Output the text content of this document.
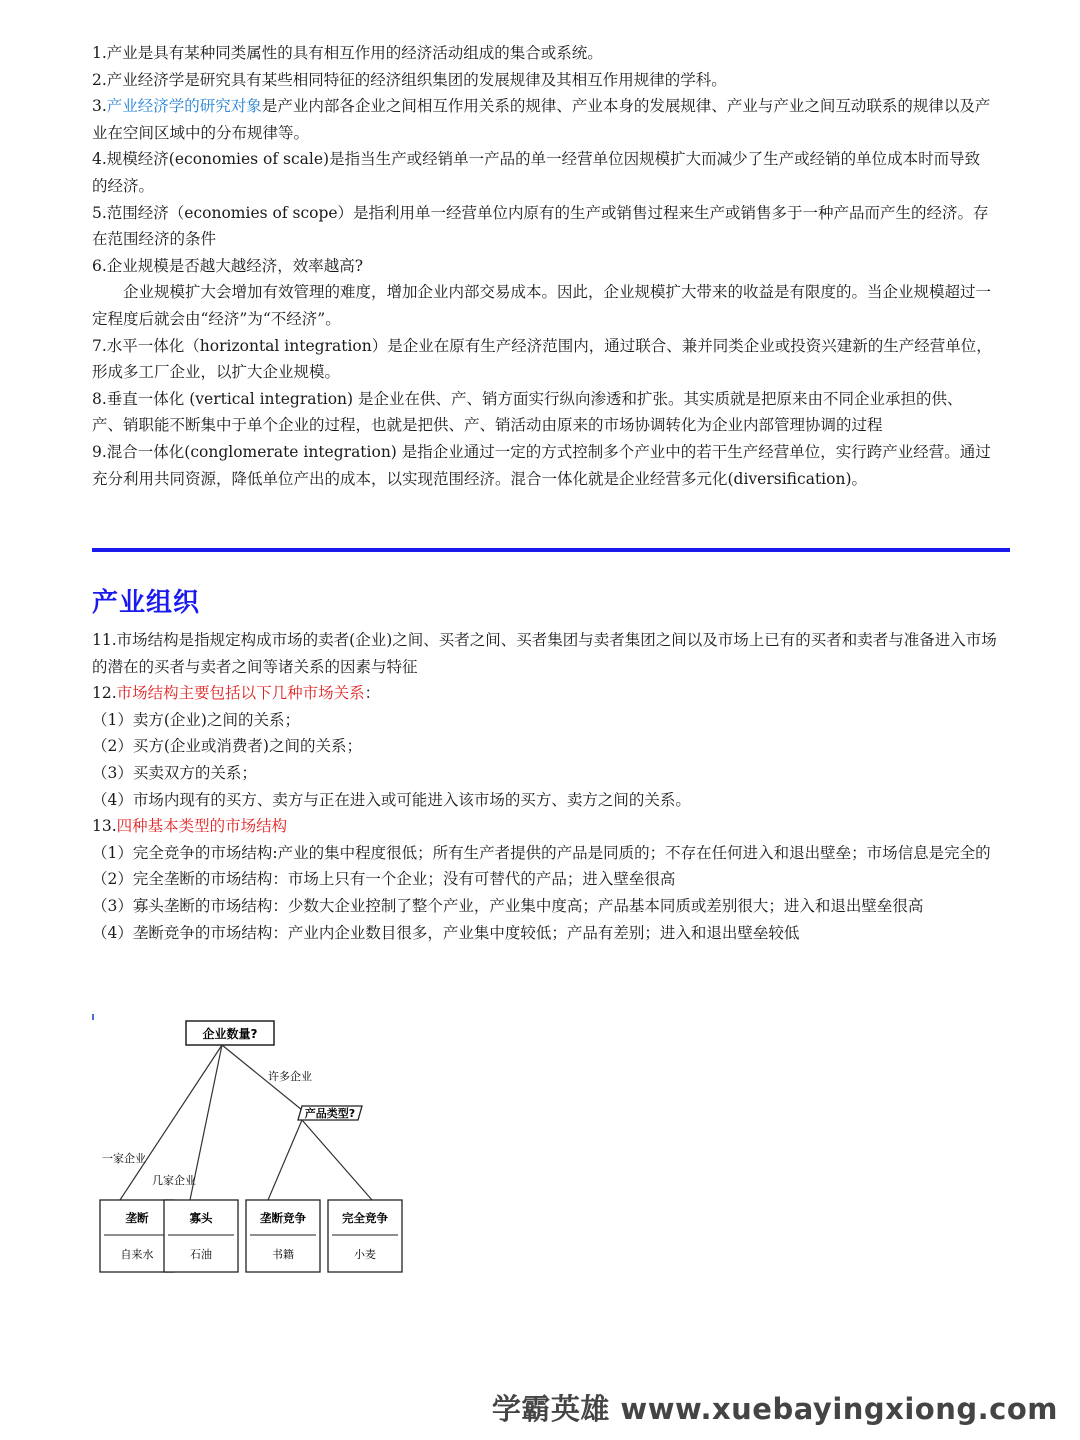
1.产业是具有某种同类属性的具有相互作用的经济活动组成的集合或系统。

2.产业经济学是研究具有某些相同特征的经济组织集团的发展规律及其相互作用规律的学科。

3.产业经济学的研究对象是产业内部各企业之间相互作用关系的规律、产业本身的发展规律、产业与产业之间互动联系的规律以及产业在空间区域中的分布规律等。

4.规模经济(economies of scale)是指当生产或经销单一产品的单一经营单位因规模扩大而减少了生产或经销的单位成本时而导致的经济。

5.范围经济（economies of scope）是指利用单一经营单位内原有的生产或销售过程来生产或销售多于一种产品而产生的经济。存在范围经济的条件

6.企业规模是否越大越经济，效率越高?

企业规模扩大会增加有效管理的难度，增加企业内部交易成本。因此，企业规模扩大带来的收益是有限度的。当企业规模超过一定程度后就会由“经济”为“不经济”。

7.水平一体化（horizontal integration）是企业在原有生产经济范围内，通过联合、兼并同类企业或投资兴建新的生产经营单位，形成多工厂企业，以扩大企业规模。

8.垂直一体化 (vertical integration) 是企业在供、产、销方面实行纵向渗透和扩张。其实质就是把原来由不同企业承担的供、产、销职能不断集中于单个企业的过程，也就是把供、产、销活动由原来的市场协调转化为企业内部管理协调的过程

9.混合一体化(conglomerate integration) 是指企业通过一定的方式控制多个产业中的若干生产经营单位，实行跨产业经营。通过充分利用共同资源，降低单位产出的成本，以实现范围经济。混合一体化就是企业经营多元化(diversification)。

产业组织

11.市场结构是指规定构成市场的卖者(企业)之间、买者之间、买者集团与卖者集团之间以及市场上已有的买者和卖者与准备进入市场的潜在的买者与卖者之间等诸关系的因素与特征

12.市场结构主要包括以下几种市场关系：

（1）卖方(企业)之间的关系；

（2）买方(企业或消费者)之间的关系；

（3）买卖双方的关系；

（4）市场内现有的买方、卖方与正在进入或可能进入该市场的买方、卖方之间的关系。

13.四种基本类型的市场结构

（1）完全竞争的市场结构:产业的集中程度很低；所有生产者提供的产品是同质的；不存在任何进入和退出壁垒；市场信息是完全的

（2）完全垄断的市场结构：市场上只有一个企业；没有可替代的产品；进入壁垒很高

（3）寡头垄断的市场结构：少数大企业控制了整个产业，产业集中度高；产品基本同质或差别很大；进入和退出壁垒很高

（4）垄断竞争的市场结构：产业内企业数目很多，产业集中度较低；产品有差别；进入和退出壁垒较低

企业数量?
许多企业
产品类型?
一家企业
几家企业
垄断
自来水
寡头
石油
垄断竞争
书籍
完全竞争
小麦
学霸英雄 www.xuebayingxiong.com
